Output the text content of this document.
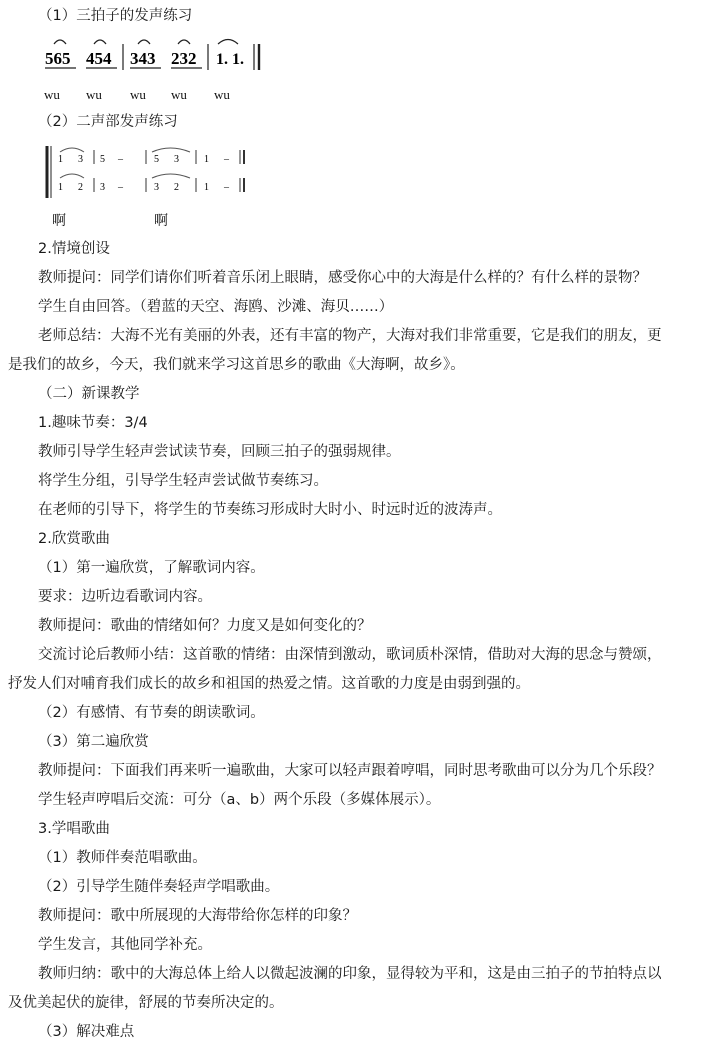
（1）三拍子的发声练习
565 454 343 232 1. 1.
wu wu wu wu wu
（2）二声部发声练习
1 3 5 –	5 3	1 –
1 2 3 –	3 2	1 –
啊	啊
2.情境创设
教师提问：同学们请你们听着音乐闭上眼睛，感受你心中的大海是什么样的？有什么样的景物？
学生自由回答。（碧蓝的天空、海鸥、沙滩、海贝……）
老师总结：大海不光有美丽的外表，还有丰富的物产，大海对我们非常重要，它是我们的朋友，更
是我们的故乡，今天，我们就来学习这首思乡的歌曲《大海啊，故乡》。
（二）新课教学
1.趣味节奏：3/4
教师引导学生轻声尝试读节奏，回顾三拍子的强弱规律。
将学生分组，引导学生轻声尝试做节奏练习。
在老师的引导下，将学生的节奏练习形成时大时小、时远时近的波涛声。
2.欣赏歌曲
（1）第一遍欣赏，了解歌词内容。
要求：边听边看歌词内容。
教师提问：歌曲的情绪如何？力度又是如何变化的？
交流讨论后教师小结：这首歌的情绪：由深情到激动，歌词质朴深情，借助对大海的思念与赞颂，
抒发人们对哺育我们成长的故乡和祖国的热爱之情。这首歌的力度是由弱到强的。
（2）有感情、有节奏的朗读歌词。
（3）第二遍欣赏
教师提问：下面我们再来听一遍歌曲，大家可以轻声跟着哼唱，同时思考歌曲可以分为几个乐段？
学生轻声哼唱后交流：可分（a、b）两个乐段（多媒体展示）。
3.学唱歌曲
（1）教师伴奏范唱歌曲。
（2）引导学生随伴奏轻声学唱歌曲。
教师提问：歌中所展现的大海带给你怎样的印象？
学生发言，其他同学补充。
教师归纳：歌中的大海总体上给人以微起波澜的印象，显得较为平和，这是由三拍子的节拍特点以
及优美起伏的旋律，舒展的节奏所决定的。
（3）解决难点
